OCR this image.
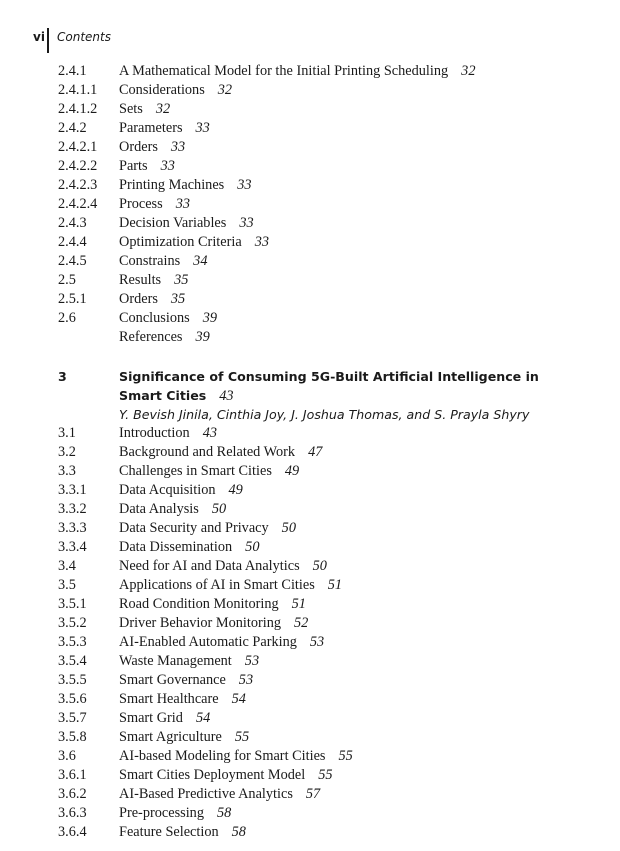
vi Contents
2.4.1 A Mathematical Model for the Initial Printing Scheduling 32
2.4.1.1 Considerations 32
2.4.1.2 Sets 32
2.4.2 Parameters 33
2.4.2.1 Orders 33
2.4.2.2 Parts 33
2.4.2.3 Printing Machines 33
2.4.2.4 Process 33
2.4.3 Decision Variables 33
2.4.4 Optimization Criteria 33
2.4.5 Constrains 34
2.5	Results 35
2.5.1 Orders 35
2.6	Conclusions 39
References 39
3	Significance of Consuming 5G-Built Artificial Intelligence in
Smart Cities 43
Y. Bevish Jinila, Cinthia Joy, J. Joshua Thomas, and S. Prayla Shyry
3.1	Introduction 43
3.2	Background and Related Work 47
3.3	Challenges in Smart Cities 49
3.3.1 Data Acquisition 49
3.3.2 Data Analysis 50
3.3.3 Data Security and Privacy 50
3.3.4 Data Dissemination 50
3.4	Need for AI and Data Analytics 50
3.5	Applications of AI in Smart Cities 51
3.5.1 Road Condition Monitoring 51
3.5.2 Driver Behavior Monitoring 52
3.5.3 AI-Enabled Automatic Parking 53
3.5.4 Waste Management 53
3.5.5 Smart Governance 53
3.5.6 Smart Healthcare 54
3.5.7 Smart Grid 54
3.5.8 Smart Agriculture 55
3.6	AI-based Modeling for Smart Cities 55
3.6.1 Smart Cities Deployment Model 55
3.6.2 AI-Based Predictive Analytics 57
3.6.3 Pre-processing 58
3.6.4 Feature Selection 58
